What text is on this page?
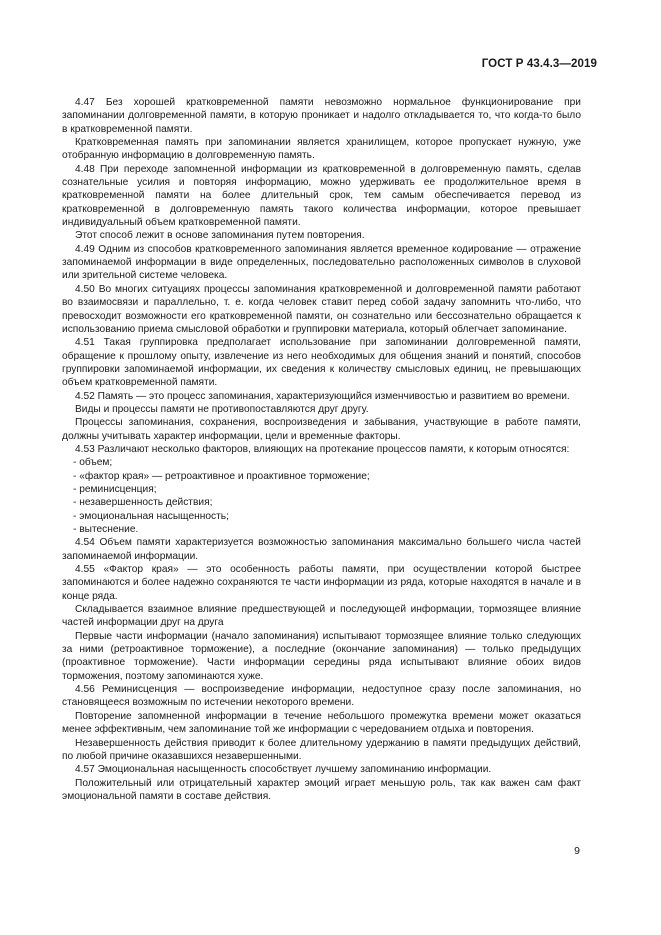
ГОСТ Р 43.4.3—2019

4.47 Без хорошей кратковременной памяти невозможно нормальное функционирование при запоминании долговременной памяти, в которую проникает и надолго откладывается то, что когда-то было в кратковременной памяти.

Кратковременная память при запоминании является хранилищем, которое пропускает нужную, уже отобранную информацию в долговременную память.

4.48 При переходе запомненной информации из кратковременной в долговременную память, сделав сознательные усилия и повторяя информацию, можно удерживать ее продолжительное время в кратковременной памяти на более длительный срок, тем самым обеспечивается перевод из кратковременной в долговременную память такого количества информации, которое превышает индивидуальный объем кратковременной памяти.

Этот способ лежит в основе запоминания путем повторения.

4.49 Одним из способов кратковременного запоминания является временное кодирование — отражение запоминаемой информации в виде определенных, последовательно расположенных символов в слуховой или зрительной системе человека.

4.50 Во многих ситуациях процессы запоминания кратковременной и долговременной памяти работают во взаимосвязи и параллельно, т. е. когда человек ставит перед собой задачу запомнить что-либо, что превосходит возможности его кратковременной памяти, он сознательно или бессознательно обращается к использованию приема смысловой обработки и группировки материала, который облегчает запоминание.

4.51 Такая группировка предполагает использование при запоминании долговременной памяти, обращение к прошлому опыту, извлечение из него необходимых для общения знаний и понятий, способов группировки запоминаемой информации, их сведения к количеству смысловых единиц, не превышающих объем кратковременной памяти.

4.52 Память — это процесс запоминания, характеризующийся изменчивостью и развитием во времени.

Виды и процессы памяти не противопоставляются друг другу.

Процессы запоминания, сохранения, воспроизведения и забывания, участвующие в работе памяти, должны учитывать характер информации, цели и временные факторы.

4.53 Различают несколько факторов, влияющих на протекание процессов памяти, к которым относятся:

- объем;

- «фактор края» — ретроактивное и проактивное торможение;

- реминисценция;

- незавершенность действия;

- эмоциональная насыщенность;

- вытеснение.

4.54 Объем памяти характеризуется возможностью запоминания максимально большего числа частей запоминаемой информации.

4.55 «Фактор края» — это особенность работы памяти, при осуществлении которой быстрее запоминаются и более надежно сохраняются те части информации из ряда, которые находятся в начале и в конце ряда.

Складывается взаимное влияние предшествующей и последующей информации, тормозящее влияние частей информации друг на друга

Первые части информации (начало запоминания) испытывают тормозящее влияние только следующих за ними (ретроактивное торможение), а последние (окончание запоминания) — только предыдущих (проактивное торможение). Части информации середины ряда испытывают влияние обоих видов торможения, поэтому запоминаются хуже.

4.56 Реминисценция — воспроизведение информации, недоступное сразу после запоминания, но становящееся возможным по истечении некоторого времени.

Повторение запомненной информации в течение небольшого промежутка времени может оказаться менее эффективным, чем запоминание той же информации с чередованием отдыха и повторения.

Незавершенность действия приводит к более длительному удержанию в памяти предыдущих действий, по любой причине оказавшихся незавершенными.

4.57 Эмоциональная насыщенность способствует лучшему запоминанию информации.

Положительный или отрицательный характер эмоций играет меньшую роль, так как важен сам факт эмоциональной памяти в составе действия.

9
